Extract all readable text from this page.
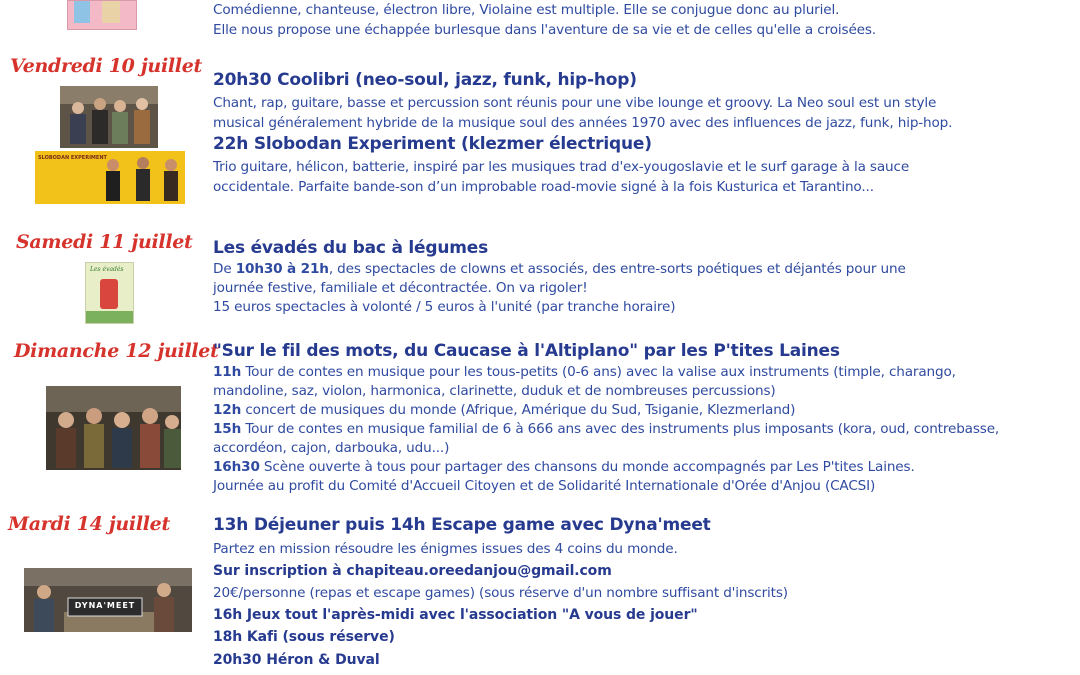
Comédienne, chanteuse, électron libre, Violaine est multiple. Elle se conjugue donc au pluriel.
Elle nous propose une échappée burlesque dans l'aventure de sa vie et de celles qu'elle a croisées.
Vendredi 10 juillet
SLOBODAN EXPERIMENT
20h30 Coolibri (neo-soul, jazz, funk, hip-hop)
Chant, rap, guitare, basse et percussion sont réunis pour une vibe lounge et groovy. La Neo soul est un style
musical généralement hybride de la musique soul des années 1970 avec des influences de jazz, funk, hip-hop.
22h Slobodan Experiment (klezmer électrique)
Trio guitare, hélicon, batterie, inspiré par les musiques trad d'ex-yougoslavie et le surf garage à la sauce
occidentale. Parfaite bande-son d’un improbable road-movie signé à la fois Kusturica et Tarantino...
Samedi 11 juillet
Les évadés
Les évadés du bac à légumes
De 10h30 à 21h, des spectacles de clowns et associés, des entre-sorts poétiques et déjantés pour une
journée festive, familiale et décontractée. On va rigoler!
15 euros spectacles à volonté / 5 euros à l'unité (par tranche horaire)
Dimanche 12 juillet
"Sur le fil des mots, du Caucase à l'Altiplano" par les P'tites Laines
11h Tour de contes en musique pour les tous-petits (0-6 ans) avec la valise aux instruments (timple, charango,
mandoline, saz, violon, harmonica, clarinette, duduk et de nombreuses percussions)
12h concert de musiques du monde (Afrique, Amérique du Sud, Tsiganie, Klezmerland)
15h Tour de contes en musique familial de 6 à 666 ans avec des instruments plus imposants (kora, oud, contrebasse,
accordéon, cajon, darbouka, udu...)
16h30 Scène ouverte à tous pour partager des chansons du monde accompagnés par Les P'tites Laines.
Journée au profit du Comité d'Accueil Citoyen et de Solidarité Internationale d'Orée d'Anjou (CACSI)
Mardi 14 juillet
DYNA'MEET
13h Déjeuner puis 14h Escape game avec Dyna'meet
Partez en mission résoudre les énigmes issues des 4 coins du monde.
Sur inscription à chapiteau.oreedanjou@gmail.com
20€/personne (repas et escape games) (sous réserve d'un nombre suffisant d'inscrits)
16h Jeux tout l'après-midi avec l'association "A vous de jouer"
18h Kafi (sous réserve)
20h30 Héron & Duval
